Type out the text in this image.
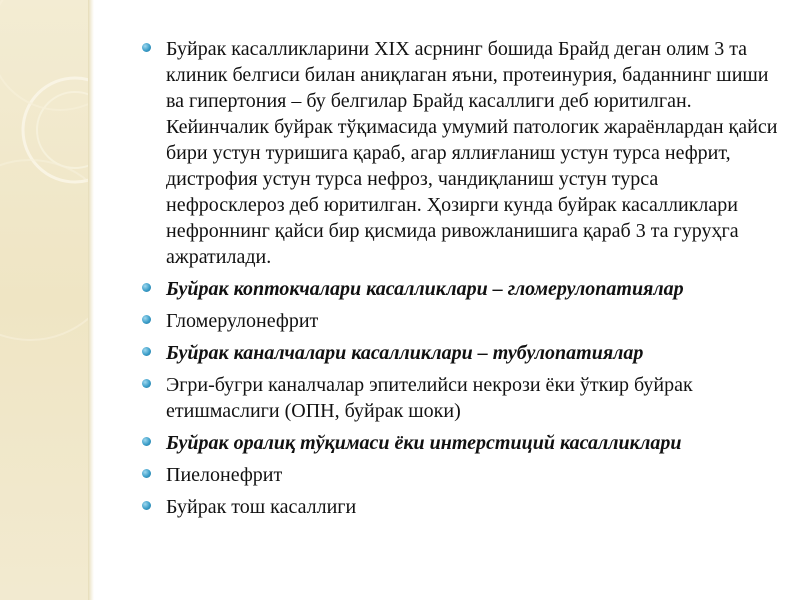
Буйрак касалликларини XIX асрнинг бошида Брайд деган олим 3 та клиник белгиси билан аниқлаган яъни, протеинурия, баданнинг шиши ва гипертония – бу белгилар Брайд касаллиги деб юритилган. Кейинчалик буйрак тўқимасида умумий патологик жараёнлардан қайси бири устун туришига қараб, агар яллиғланиш устун турса нефрит, дистрофия устун турса нефроз, чандиқланиш устун турса нефросклероз деб юритилган. Ҳозирги кунда буйрак касалликлари нефроннинг қайси бир қисмида ривожланишига қараб 3 та гуруҳга ажратилади.
Буйрак коптокчалари касалликлари – гломерулопатиялар
Гломерулонефрит
Буйрак каналчалари касалликлари – тубулопатиялар
Эгри-бугри каналчалар эпителийси некрози ёки ўткир буйрак етишмаслиги (ОПН, буйрак шоки)
Буйрак оралиқ тўқимаси ёки интерстиций касалликлари
Пиелонефрит
Буйрак тош касаллиги
